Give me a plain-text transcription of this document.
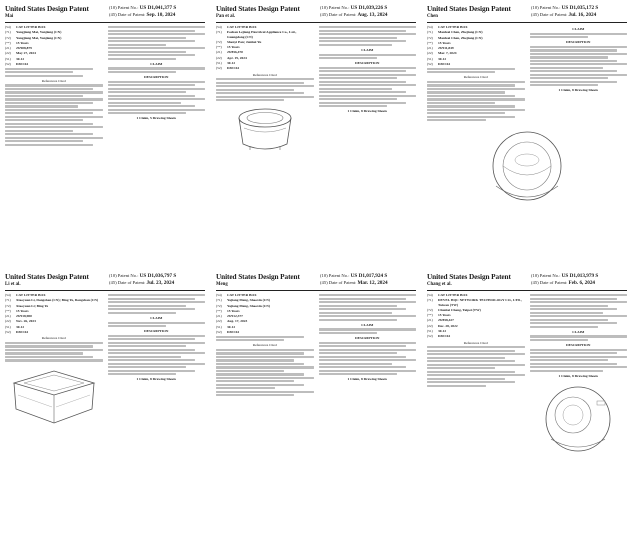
United States Design Patent
Mai
(10) Patent No.: US D1,041,377 S
(45) Date of Patent: Sep. 10, 2024
(54)	CAT LITTER BOX
(71)	Yangjiang Mai, Yanjiang (CN)
(72)	Yangjiang Mai, Yanjiang (CN)
(**)	15 Years
(21)	29/908,879
(22)	May 27, 2024
(51)	30-12
(52)	D30/161
References Cited
CLAIM
DESCRIPTION
1 Claim, 5 Drawing Sheets
United States Design Patent
Pan et al.
(10) Patent No.: US D1,039,226 S
(45) Date of Patent: Aug. 13, 2024
(54)	CAT LITTER BOX
(71)	Foshan Lejiang Electrical Appliance Co., Ltd., Guangdong (CN)
(72)	Shenyi Pan; Junhui Yu
(**)	15 Years
(21)	29/856,470
(22)	Apr. 19, 2024
(51)	30-12
(52)	D30/161
References Cited
CLAIM
DESCRIPTION
1 Claim, 8 Drawing Sheets
United States Design Patent
Chen
(10) Patent No.: US D1,035,172 S
(45) Date of Patent: Jul. 16, 2024
(54)	CAT LITTER BOX
(71)	Manfeei Chen, Zhejiang (CN)
(72)	Manfeei Chen, Zhejiang (CN)
(**)	15 Years
(21)	29/911,849
(22)	Mar. 7, 2024
(51)	30-12
(52)	D30/161
References Cited
CLAIM
DESCRIPTION
1 Claim, 8 Drawing Sheets
United States Design Patent
Li et al.
(10) Patent No.: US D1,036,797 S
(45) Date of Patent: Jul. 23, 2024
(54)	CAT LITTER BOX
(71)	Xiaoyuan Li, Dongshan (CN); Bing Ye, Dongshan (CN)
(72)	Xiaoyuan Li; Bing Ye
(**)	15 Years
(21)	29/918,900
(22)	Nov. 26, 2023
(51)	30-12
(52)	D30/161
References Cited
CLAIM
DESCRIPTION
1 Claim, 8 Drawing Sheets
United States Design Patent
Meng
(10) Patent No.: US D1,017,924 S
(45) Date of Patent: Mar. 12, 2024
(54)	CAT LITTER BOX
(71)	Yajiang Meng, Shaoxin (CN)
(72)	Yajiang Meng, Shaoxin (CN)
(**)	15 Years
(21)	29/912,377
(22)	Aug. 17, 2023
(51)	30-12
(52)	D30/161
References Cited
CLAIM
DESCRIPTION
1 Claim, 8 Drawing Sheets
United States Design Patent
Chang et al.
(10) Patent No.: US D1,013,979 S
(45) Date of Patent: Feb. 6, 2024
(54)	CAT LITTER BOX
(71)	DEVEL HQC NETWORK TECHNOLOGY CO., LTD., Taiwan (TW)
(72)	Chunlai Chang, Taipei (TW)
(**)	15 Years
(21)	29/858,427
(22)	Dec. 28, 2022
(51)	30-12
(52)	D30/161
References Cited
CLAIM
DESCRIPTION
1 Claim, 8 Drawing Sheets
